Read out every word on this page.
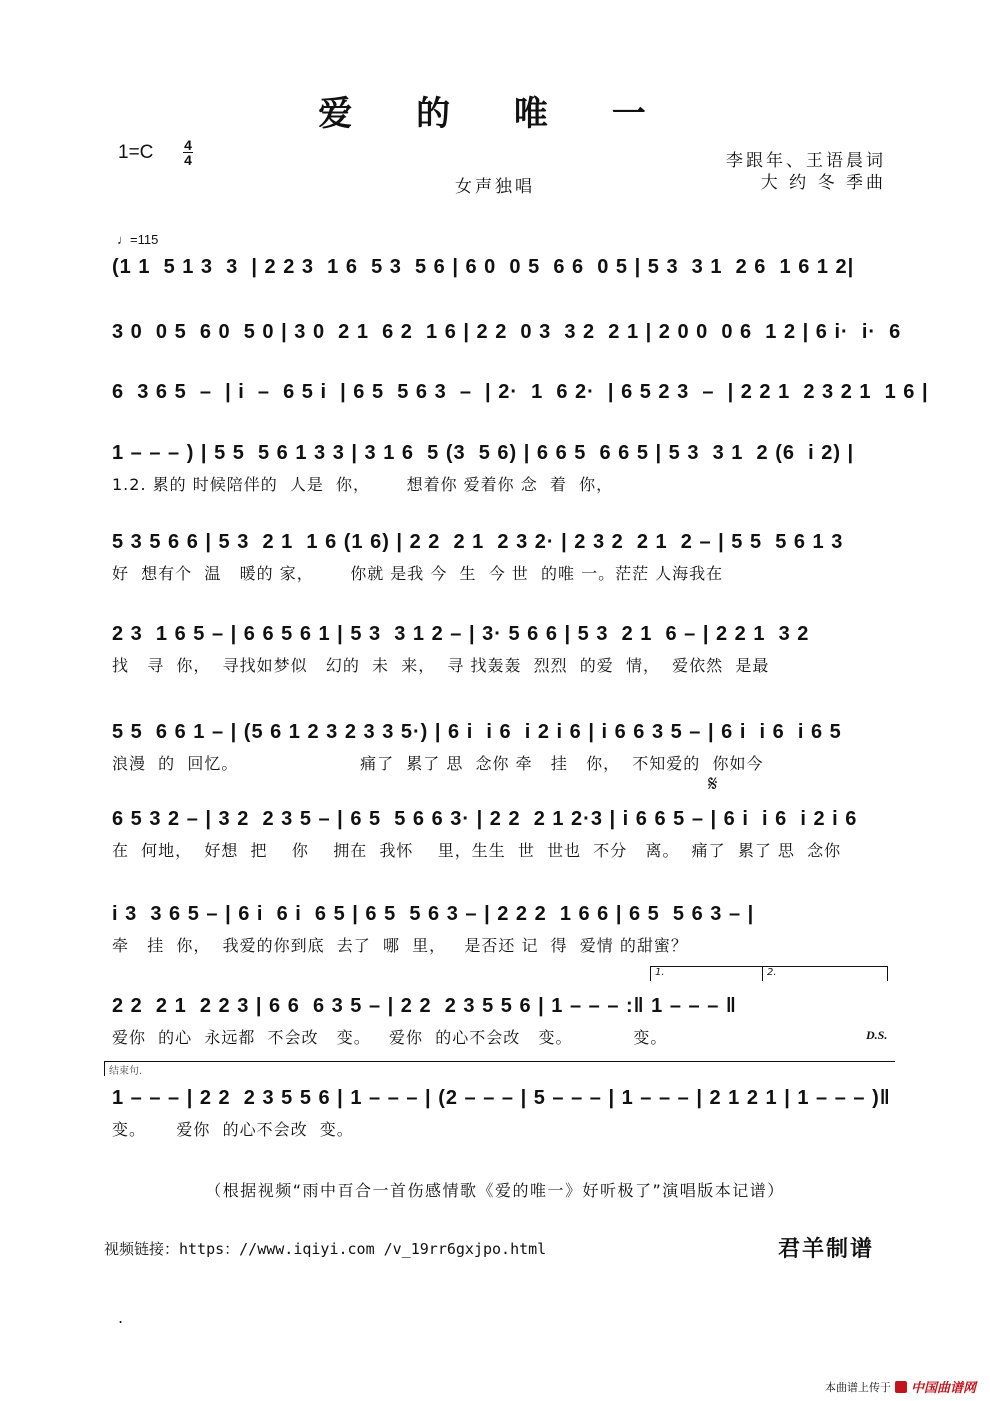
爱 的 唯 一
1=C 4
4
女声独唱
李跟年、王语晨词
大 约 冬 季曲
♩=115
(1 1  5 1 3  3  | 2 2 3  1 6  5 3  5 6 | 6 0  0 5  6 6  0 5 | 5 3  3 1  2 6  1 6 1 2|
3 0  0 5  6 0  5 0 | 3 0  2 1  6 2  1 6 | 2 2  0 3  3 2  2 1 | 2 0 0  0 6  1 2 | 6 i·  i·  6
6  3 6 5  –  | i  –  6 5 i  | 6 5  5 6 3  –  | 2·  1  6 2·  | 6 5 2 3  –  | 2 2 1  2 3 2 1  1 6 |
1 – – – ) | 5 5  5 6 1 3 3 | 3 1 6  5 (3  5 6) | 6 6 5  6 6 5 | 5 3  3 1  2 (6  i 2) |
1.2. 累的 时候陪伴的  人是  你，      想着你 爱着你 念  着  你，
5 3 5 6 6 | 5 3  2 1  1 6 (1 6) | 2 2  2 1  2 3 2· | 2 3 2  2 1  2 – | 5 5  5 6 1 3
好  想有个  温   暖的 家，      你就 是我 今  生  今 世  的唯 一。茫茫 人海我在
2 3  1 6 5 – | 6 6 5 6 1 | 5 3  3 1 2 – | 3· 5 6 6 | 5 3  2 1  6 – | 2 2 1  3 2
找   寻  你，  寻找如梦似   幻的  未  来，  寻 找轰轰  烈烈  的爱  情，  爱依然  是最
5 5  6 6 1 – | (5 6 1 2 3 2 3 3 5·) | 6 i  i 6  i 2 i 6 | i 6 6 3 5 – | 6 i  i 6  i 6 5
浪漫  的  回忆。                    痛了  累了 思  念你 牵   挂   你，  不知爱的  你如今
6 5 3 2 – | 3 2  2 3 5 – | 6 5  5 6 6 3· | 2 2  2 1 2·3 | i 6 6 5 – | 6 i  i 6  i 2 i 6
在  何地，  好想  把    你    拥在  我怀    里，生生  世  世也  不分   离。  痛了  累了 思  念你
i 3  3 6 5 – | 6 i  6 i  6 5 | 6 5  5 6 3 – | 2 2 2  1 6 6 | 6 5  5 6 3 – |
牵   挂  你，  我爱的你到底  去了  哪  里，   是否还 记  得  爱情 的甜蜜？
2 2  2 1  2 2 3 | 6 6  6 3 5 – | 2 2  2 3 5 5 6 | 1 – – – :‖ 1 – – – ‖
爱你  的心  永远都  不会改   变。   爱你  的心不会改   变。          变。
1 – – – | 2 2  2 3 5 5 6 | 1 – – – | (2 – – – | 5 – – – | 1 – – – | 2 1 2 1 | 1 – – – )‖
变。     爱你  的心不会改  变。
1.	2.
D.S.
𝄋
结束句.
（根据视频“雨中百合一首伤感情歌《爱的唯一》好听极了”演唱版本记谱）
视频链接：https：//www.iqiyi.com /v_19rr6gxjpo.html	君羊制谱
.
本曲谱上传于 中国曲谱网
